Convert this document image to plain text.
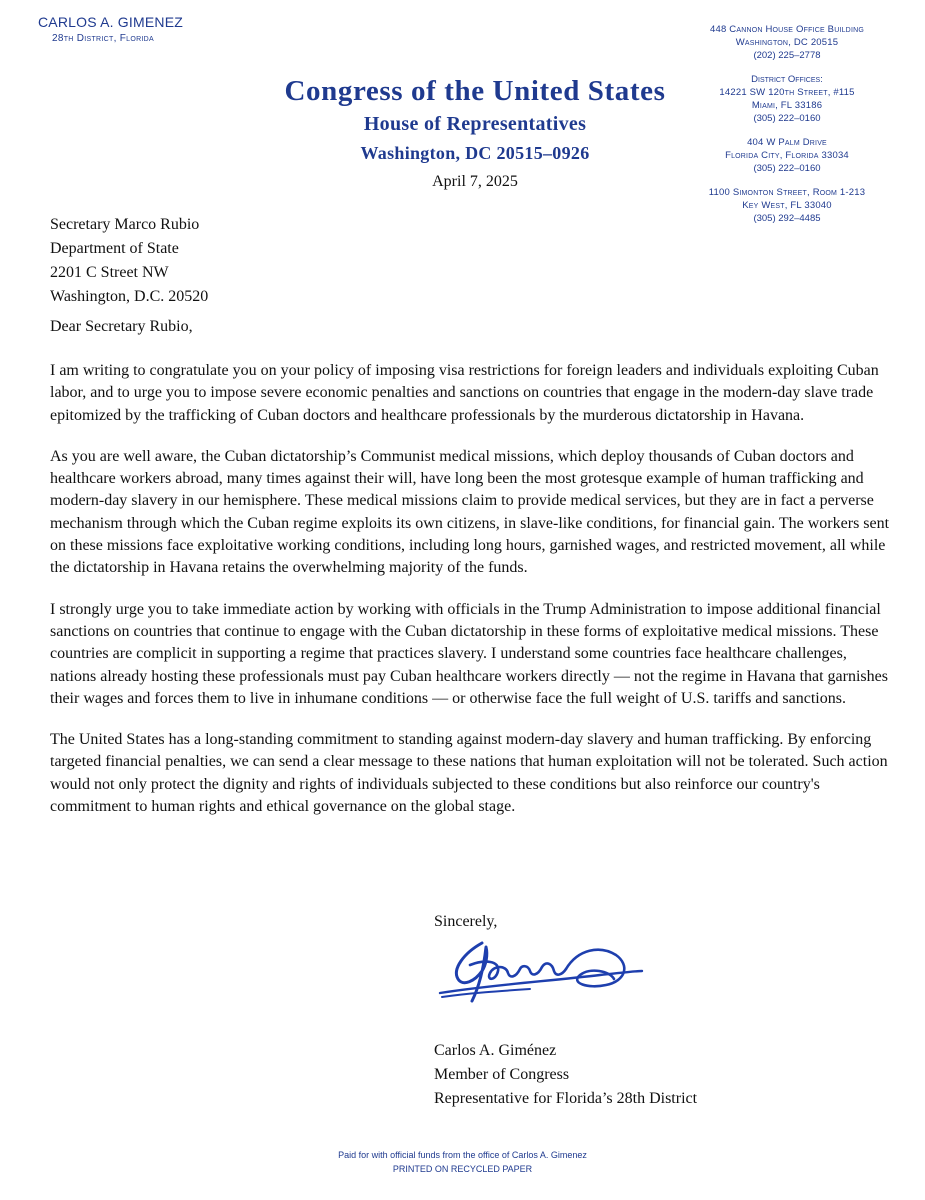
CARLOS A. GIMENEZ
28th District, Florida
Congress of the United States
House of Representatives
Washington, DC 20515–0926
April 7, 2025
448 Cannon House Office Building
Washington, DC 20515
(202) 225–2778
District Offices:
14221 SW 120th Street, #115
Miami, FL 33186
(305) 222–0160
404 W Palm Drive
Florida City, Florida 33034
(305) 222–0160
1100 Simonton Street, Room 1-213
Key West, FL 33040
(305) 292–4485
Secretary Marco Rubio
Department of State
2201 C Street NW
Washington, D.C. 20520
Dear Secretary Rubio,

I am writing to congratulate you on your policy of imposing visa restrictions for foreign leaders and individuals exploiting Cuban labor, and to urge you to impose severe economic penalties and sanctions on countries that engage in the modern-day slave trade epitomized by the trafficking of Cuban doctors and healthcare professionals by the murderous dictatorship in Havana.

As you are well aware, the Cuban dictatorship’s Communist medical missions, which deploy thousands of Cuban doctors and healthcare workers abroad, many times against their will, have long been the most grotesque example of human trafficking and modern-day slavery in our hemisphere. These medical missions claim to provide medical services, but they are in fact a perverse mechanism through which the Cuban regime exploits its own citizens, in slave-like conditions, for financial gain. The workers sent on these missions face exploitative working conditions, including long hours, garnished wages, and restricted movement, all while the dictatorship in Havana retains the overwhelming majority of the funds.

I strongly urge you to take immediate action by working with officials in the Trump Administration to impose additional financial sanctions on countries that continue to engage with the Cuban dictatorship in these forms of exploitative medical missions. These countries are complicit in supporting a regime that practices slavery. I understand some countries face healthcare challenges, nations already hosting these professionals must pay Cuban healthcare workers directly — not the regime in Havana that garnishes their wages and forces them to live in inhumane conditions — or otherwise face the full weight of U.S. tariffs and sanctions.

The United States has a long-standing commitment to standing against modern-day slavery and human trafficking. By enforcing targeted financial penalties, we can send a clear message to these nations that human exploitation will not be tolerated. Such action would not only protect the dignity and rights of individuals subjected to these conditions but also reinforce our country's commitment to human rights and ethical governance on the global stage.

Sincerely,
Carlos A. Giménez
Member of Congress
Representative for Florida’s 28th District
Paid for with official funds from the office of Carlos A. Gimenez
PRINTED ON RECYCLED PAPER
